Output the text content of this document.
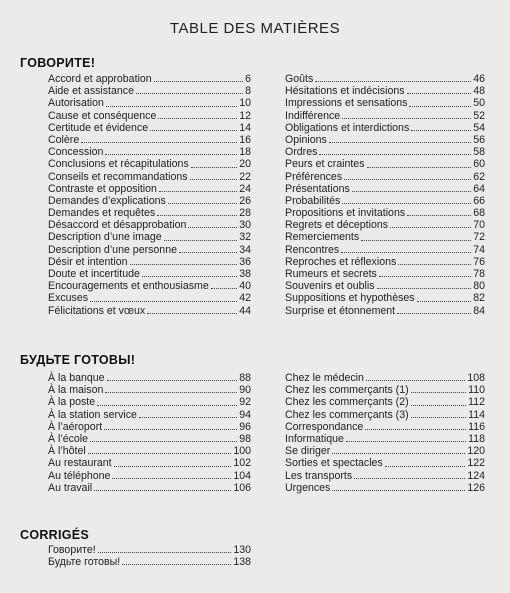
TABLE DES MATIÈRES
ГОВОРИТЕ!
Accord et approbation	6
Aide et assistance	8
Autorisation	10
Cause et conséquence	12
Certitude et évidence	14
Colère	16
Concession	18
Conclusions et récapitulations	20
Conseils et recommandations	22
Contraste et opposition	24
Demandes d’explications	26
Demandes et requêtes	28
Désaccord et désapprobation	30
Description d’une image	32
Description d’une personne	34
Désir et intention	36
Doute et incertitude	38
Encouragements et enthousiasme	40
Excuses	42
Félicitations et vœux	44
Goûts	46
Hésitations et indécisions	48
Impressions et sensations	50
Indifférence	52
Obligations et interdictions	54
Opinions	56
Ordres	58
Peurs et craintes	60
Préférences	62
Présentations	64
Probabilités	66
Propositions et invitations	68
Regrets et déceptions	70
Remerciements	72
Rencontres	74
Reproches et réflexions	76
Rumeurs et secrets	78
Souvenirs et oublis	80
Suppositions et hypothèses	82
Surprise et étonnement	84
БУДЬТЕ ГОТОВЫ!
À la banque	88
À la maison	90
À la poste	92
À la station service	94
À l’aéroport	96
À l’école	98
À l’hôtel	100
Au restaurant	102
Au téléphone	104
Au travail	106
Chez le médecin	108
Chez les commerçants (1)	110
Chez les commerçants (2)	112
Chez les commerçants (3)	114
Correspondance	116
Informatique	118
Se diriger	120
Sorties et spectacles	122
Les transports	124
Urgences	126
CORRIGÉS
Говорите!	130
Будьте готовы!	138
